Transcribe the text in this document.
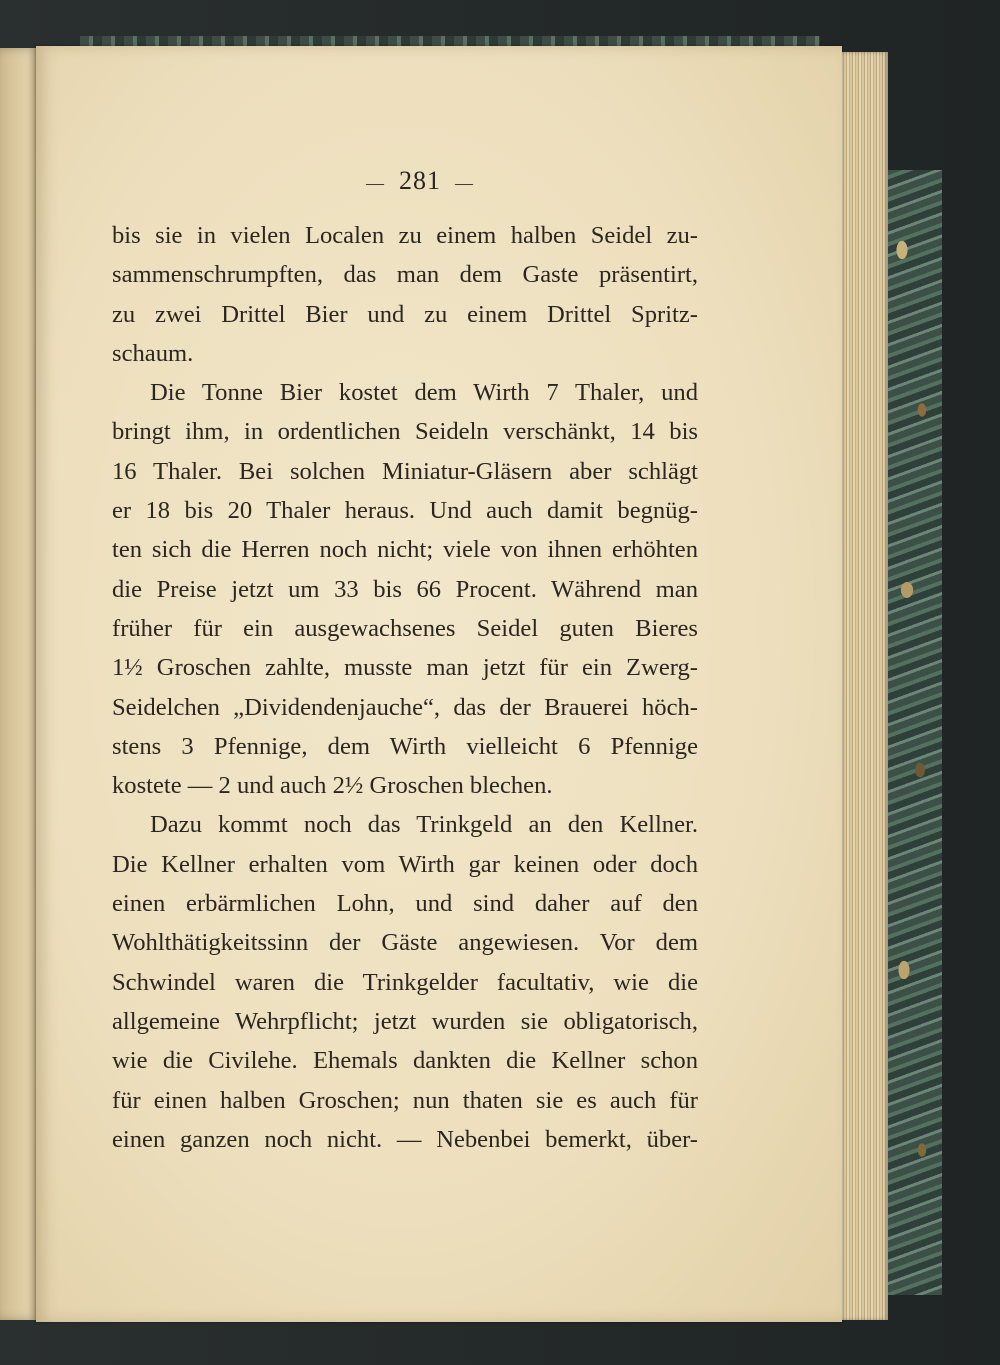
— 281 —
bis sie in vielen Localen zu einem halben Seidel zu-
sammenschrumpften, das man dem Gaste präsentirt,
zu zwei Drittel Bier und zu einem Drittel Spritz-
schaum.
Die Tonne Bier kostet dem Wirth 7 Thaler, und
bringt ihm, in ordentlichen Seideln verschänkt, 14 bis
16 Thaler. Bei solchen Miniatur-Gläsern aber schlägt
er 18 bis 20 Thaler heraus. Und auch damit begnüg-
ten sich die Herren noch nicht; viele von ihnen erhöhten
die Preise jetzt um 33 bis 66 Procent. Während man
früher für ein ausgewachsenes Seidel guten Bieres
1½ Groschen zahlte, musste man jetzt für ein Zwerg-
Seidelchen „Dividendenjauche“, das der Brauerei höch-
stens 3 Pfennige, dem Wirth vielleicht 6 Pfennige
kostete — 2 und auch 2½ Groschen blechen.
Dazu kommt noch das Trinkgeld an den Kellner.
Die Kellner erhalten vom Wirth gar keinen oder doch
einen erbärmlichen Lohn, und sind daher auf den
Wohlthätigkeitssinn der Gäste angewiesen. Vor dem
Schwindel waren die Trinkgelder facultativ, wie die
allgemeine Wehrpflicht; jetzt wurden sie obligatorisch,
wie die Civilehe. Ehemals dankten die Kellner schon
für einen halben Groschen; nun thaten sie es auch für
einen ganzen noch nicht. — Nebenbei bemerkt, über-
